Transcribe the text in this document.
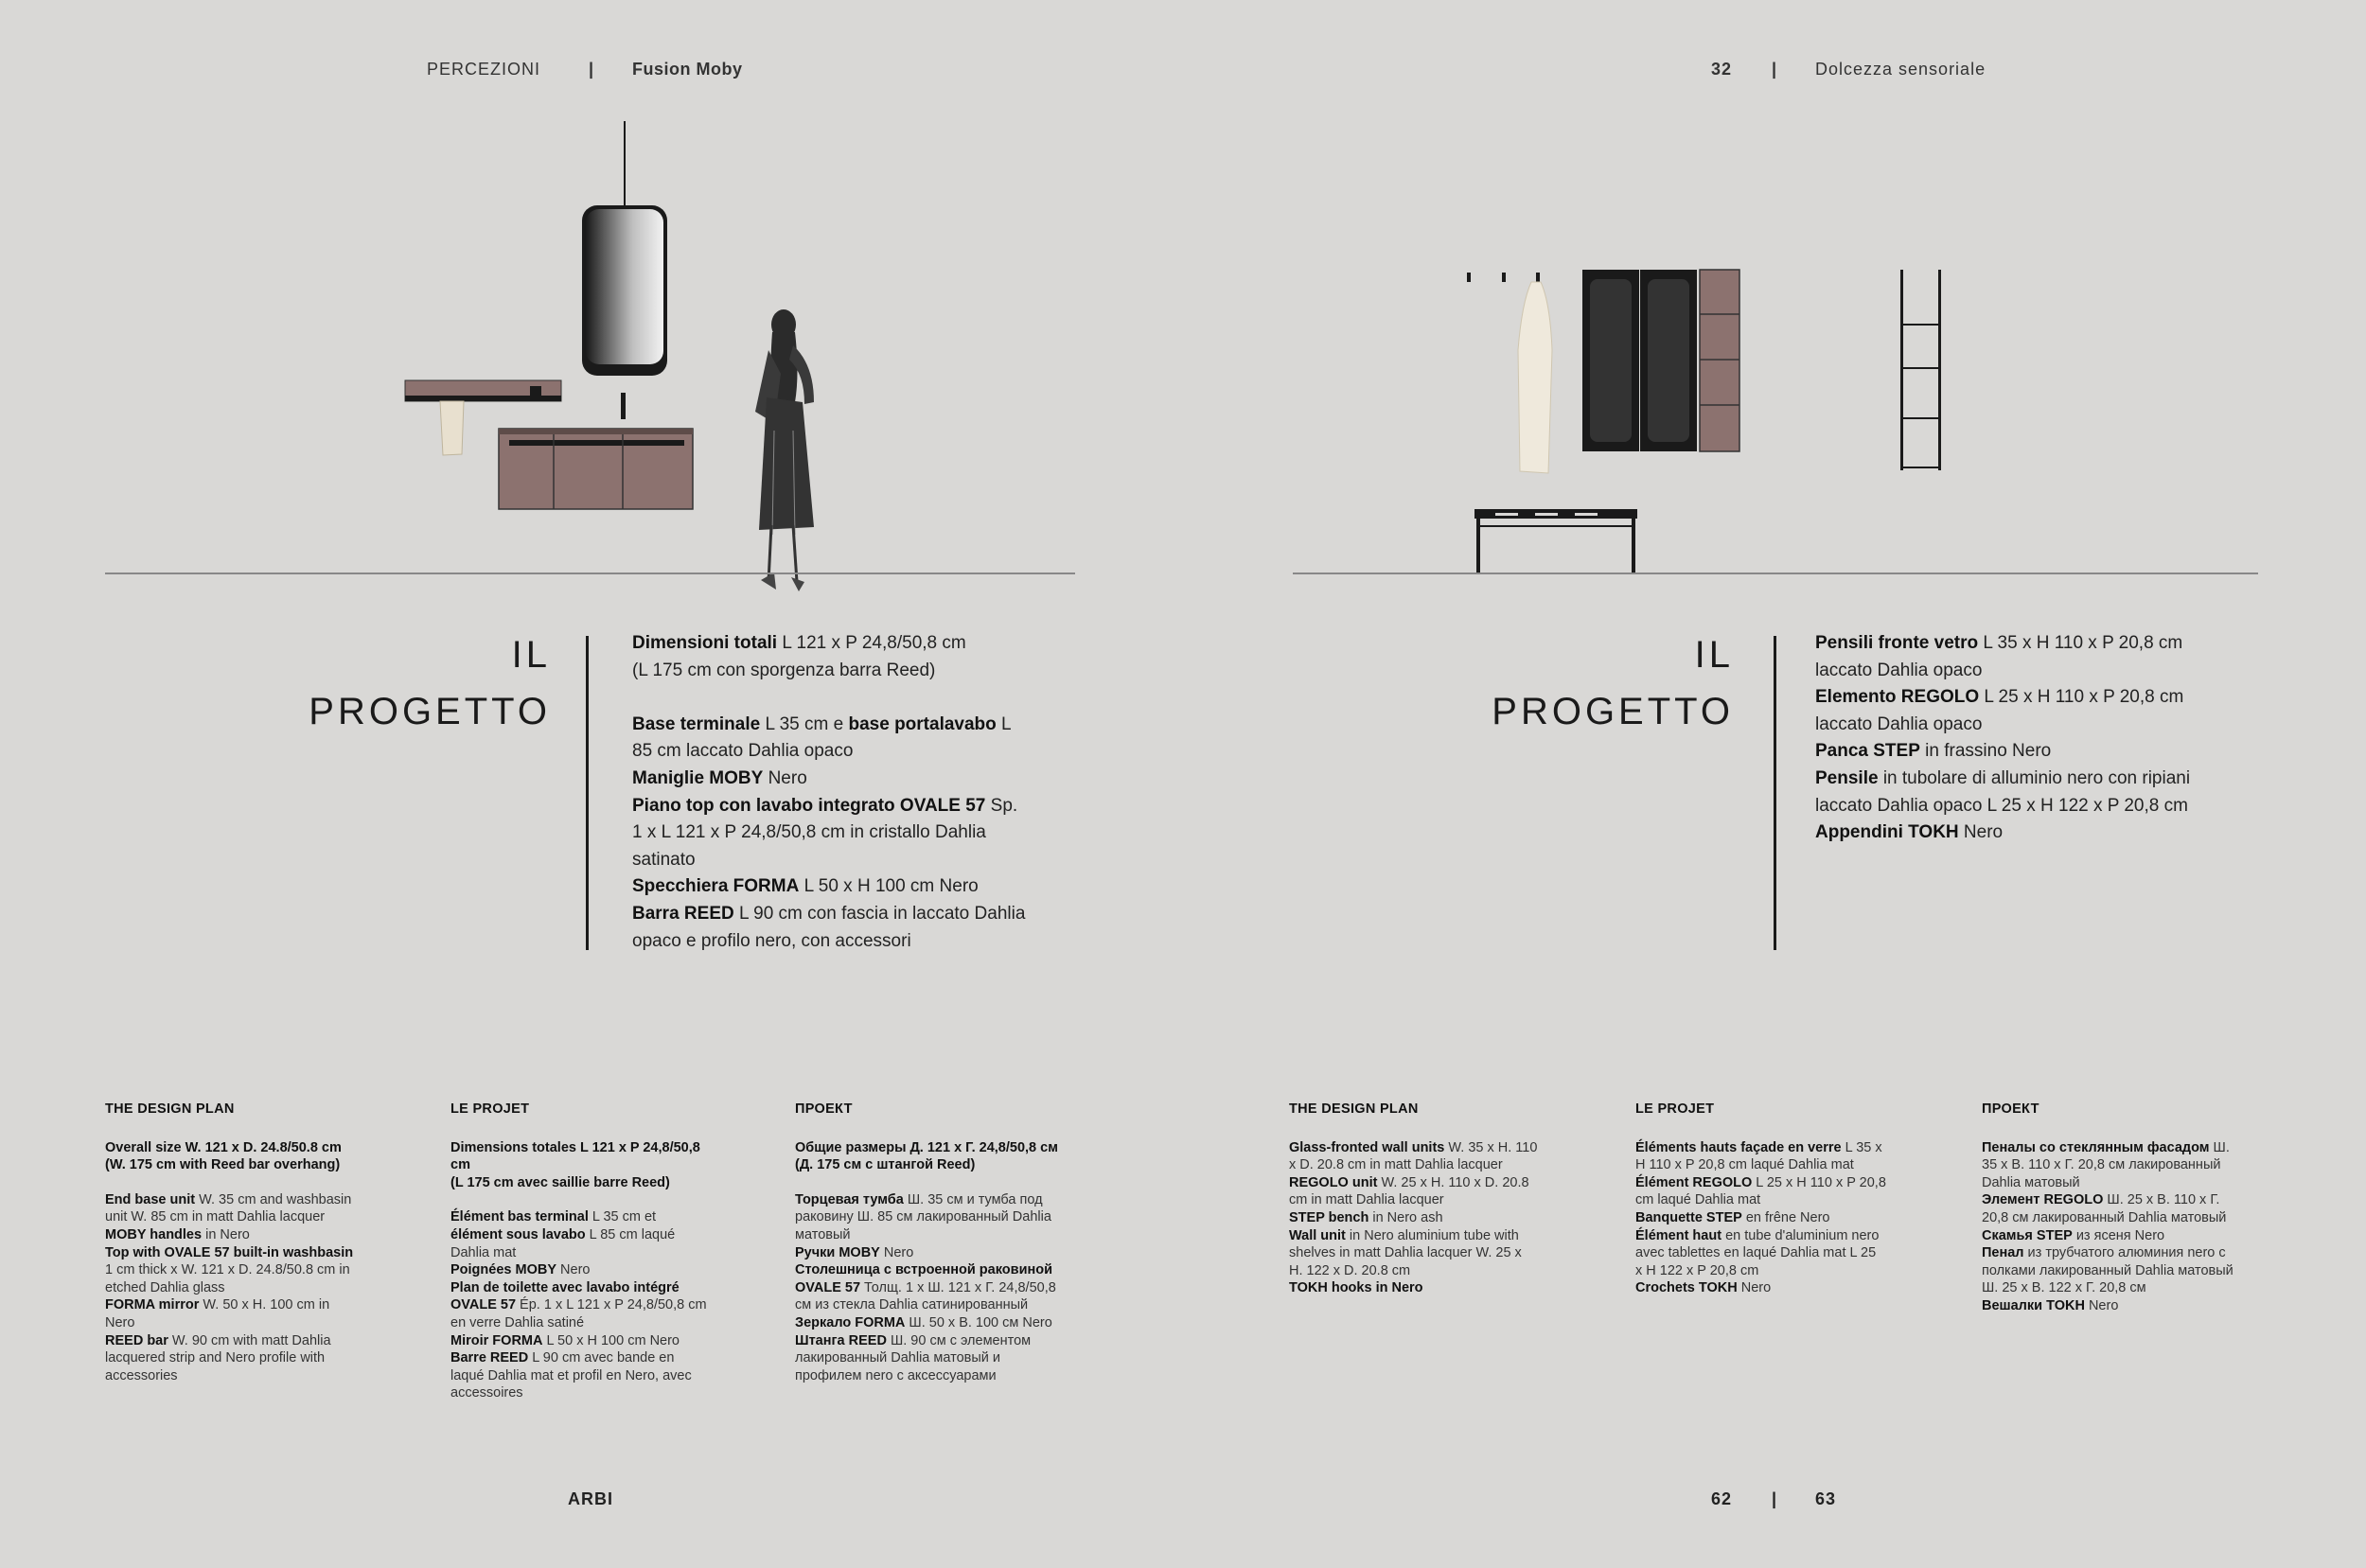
PERCEZIONI	| Fusion Moby	32 | Dolcezza sensoriale
IL
PROGETTO

Dimensioni totali L 121 x P 24,8/50,8 cm

(L 175 cm con sporgenza barra Reed)

Base terminale L 35 cm e base portalavabo L

85 cm laccato Dahlia opaco

Maniglie MOBY Nero

Piano top con lavabo integrato OVALE 57 Sp.

1 x L 121 x P 24,8/50,8 cm in cristallo Dahlia

satinato

Specchiera FORMA L 50 x H 100 cm Nero

Barra REED L 90 cm con fascia in laccato Dahlia

opaco e profilo nero, con accessori

IL
PROGETTO

Pensili fronte vetro L 35 x H 110 x P 20,8 cm

laccato Dahlia opaco

Elemento REGOLO L 25 x H 110 x P 20,8 cm

laccato Dahlia opaco

Panca STEP in frassino Nero

Pensile in tubolare di alluminio nero con ripiani

laccato Dahlia opaco L 25 x H 122 x P 20,8 cm

Appendini TOKH Nero

THE DESIGN PLAN

Overall size W. 121 x D. 24.8/50.8 cm

(W. 175 cm with Reed bar overhang)

End base unit W. 35 cm and washbasin

unit W. 85 cm in matt Dahlia lacquer

MOBY handles in Nero

Top with OVALE 57 built-in washbasin

1 cm thick x W. 121 x D. 24.8/50.8 cm in

etched Dahlia glass

FORMA mirror W. 50 x H. 100 cm in

Nero

REED bar W. 90 cm with matt Dahlia

lacquered strip and Nero profile with

accessories

LE PROJET

Dimensions totales L 121 x P 24,8/50,8

cm

(L 175 cm avec saillie barre Reed)

Élément bas terminal L 35 cm et

élément sous lavabo L 85 cm laqué

Dahlia mat

Poignées MOBY Nero

Plan de toilette avec lavabo intégré

OVALE 57 Ép. 1 x L 121 x P 24,8/50,8 cm

en verre Dahlia satiné

Miroir FORMA L 50 x H 100 cm Nero

Barre REED L 90 cm avec bande en

laqué Dahlia mat et profil en Nero, avec

accessoires

ПРОЕКТ

Общие размеры Д. 121 x Г. 24,8/50,8 см

(Д. 175 см с штангой Reed)

Торцевая тумба Ш. 35 см и тумба под

раковину Ш. 85 см лакированный Dahlia

матовый

Ручки MOBY Nero

Столешница с встроенной раковиной

OVALE 57 Толщ. 1 x Ш. 121 x Г. 24,8/50,8

см из стекла Dahlia сатинированный

Зеркало FORMA Ш. 50 x В. 100 см Nero

Штанга REED Ш. 90 см с элементом

лакированный Dahlia матовый и

профилем nero с аксессуарами

THE DESIGN PLAN

Glass-fronted wall units W. 35 x H. 110

x D. 20.8 cm in matt Dahlia lacquer

REGOLO unit W. 25 x H. 110 x D. 20.8

cm in matt Dahlia lacquer

STEP bench in Nero ash

Wall unit in Nero aluminium tube with

shelves in matt Dahlia lacquer W. 25 x

H. 122 x D. 20.8 cm

TOKH hooks in Nero

LE PROJET

Éléments hauts façade en verre L 35 x

H 110 x P 20,8 cm laqué Dahlia mat

Élément REGOLO L 25 x H 110 x P 20,8

cm laqué Dahlia mat

Banquette STEP en frêne Nero

Élément haut en tube d'aluminium nero

avec tablettes en laqué Dahlia mat L 25

x H 122 x P 20,8 cm

Crochets TOKH Nero

ПРОЕКТ

Пеналы со стеклянным фасадом Ш.

35 x В. 110 x Г. 20,8 см лакированный

Dahlia матовый

Элемент REGOLO Ш. 25 x В. 110 x Г.

20,8 см лакированный Dahlia матовый

Скамья STEP из ясеня Nero

Пенал из трубчатого алюминия nero с

полками лакированный Dahlia матовый

Ш. 25 x В. 122 x Г. 20,8 см

Вешалки TOKH Nero

ARBI	62 | 63
